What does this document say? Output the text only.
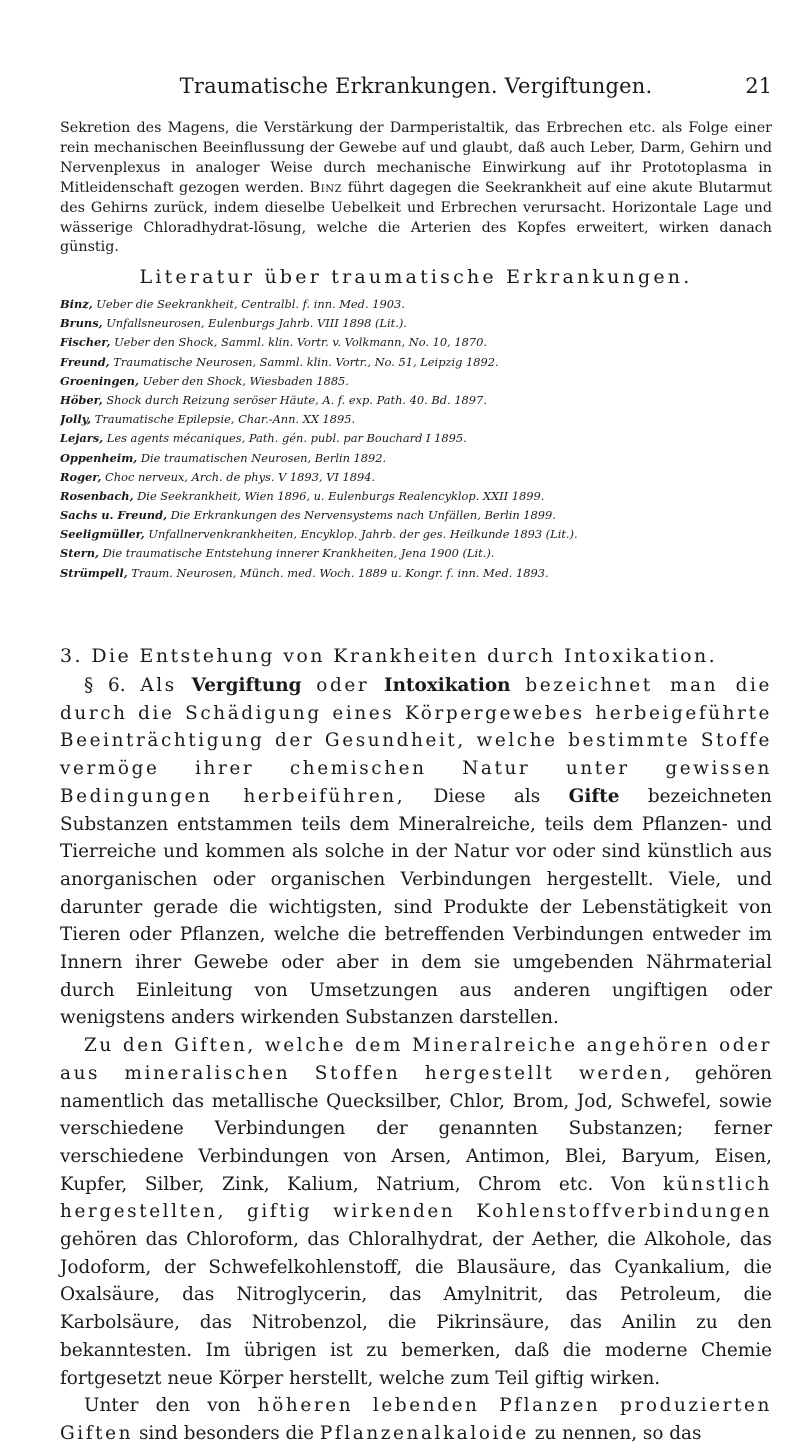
Traumatische Erkrankungen. Vergiftungen.	21
Sekretion des Magens, die Verstärkung der Darmperistaltik, das Erbrechen etc. als Folge einer rein mechanischen Beeinflussung der Gewebe auf und glaubt, daß auch Leber, Darm, Gehirn und Nervenplexus in analoger Weise durch mechanische Einwirkung auf ihr Prototoplasma in Mitleidenschaft gezogen werden. Binz führt dagegen die Seekrankheit auf eine akute Blutarmut des Gehirns zurück, indem dieselbe Uebelkeit und Erbrechen verursacht. Horizontale Lage und wässerige Chloradhydrat-lösung, welche die Arterien des Kopfes erweitert, wirken danach günstig.
Literatur über traumatische Erkrankungen.
Binz, Ueber die Seekrankheit, Centralbl. f. inn. Med. 1903.
Bruns, Unfallsneurosen, Eulenburgs Jahrb. VIII 1898 (Lit.).
Fischer, Ueber den Shock, Samml. klin. Vortr. v. Volkmann, No. 10, 1870.
Freund, Traumatische Neurosen, Samml. klin. Vortr., No. 51, Leipzig 1892.
Groeningen, Ueber den Shock, Wiesbaden 1885.
Höber, Shock durch Reizung seröser Häute, A. f. exp. Path. 40. Bd. 1897.
Jolly, Traumatische Epilepsie, Char.-Ann. XX 1895.
Lejars, Les agents mécaniques, Path. gén. publ. par Bouchard I 1895.
Oppenheim, Die traumatischen Neurosen, Berlin 1892.
Roger, Choc nerveux, Arch. de phys. V 1893, VI 1894.
Rosenbach, Die Seekrankheit, Wien 1896, u. Eulenburgs Realencyklop. XXII 1899.
Sachs u. Freund, Die Erkrankungen des Nervensystems nach Unfällen, Berlin 1899.
Seeligmüller, Unfallnervenkrankheiten, Encyklop. Jahrb. der ges. Heilkunde 1893 (Lit.).
Stern, Die traumatische Entstehung innerer Krankheiten, Jena 1900 (Lit.).
Strümpell, Traum. Neurosen, Münch. med. Woch. 1889 u. Kongr. f. inn. Med. 1893.
3. Die Entstehung von Krankheiten durch Intoxikation.

§ 6. Als Vergiftung oder Intoxikation bezeichnet man die durch die Schädigung eines Körpergewebes herbeigeführte Beeinträchtigung der Gesundheit, welche bestimmte Stoffe vermöge ihrer chemischen Natur unter gewissen Bedingungen herbeiführen, Diese als Gifte bezeichneten Substanzen entstammen teils dem Mineralreiche, teils dem Pflanzen- und Tierreiche und kommen als solche in der Natur vor oder sind künstlich aus anorganischen oder organischen Verbindungen hergestellt. Viele, und darunter gerade die wichtigsten, sind Produkte der Lebenstätigkeit von Tieren oder Pflanzen, welche die betreffenden Verbindungen entweder im Innern ihrer Gewebe oder aber in dem sie umgebenden Nährmaterial durch Einleitung von Umsetzungen aus anderen ungiftigen oder wenigstens anders wirkenden Substanzen darstellen.

Zu den Giften, welche dem Mineralreiche angehören oder aus mineralischen Stoffen hergestellt werden, gehören namentlich das metallische Quecksilber, Chlor, Brom, Jod, Schwefel, sowie verschiedene Verbindungen der genannten Substanzen; ferner verschiedene Verbindungen von Arsen, Antimon, Blei, Baryum, Eisen, Kupfer, Silber, Zink, Kalium, Natrium, Chrom etc. Von künstlich hergestellten, giftig wirkenden Kohlenstoffverbindungen gehören das Chloroform, das Chloralhydrat, der Aether, die Alkohole, das Jodoform, der Schwefelkohlenstoff, die Blausäure, das Cyankalium, die Oxalsäure, das Nitroglycerin, das Amylnitrit, das Petroleum, die Karbolsäure, das Nitrobenzol, die Pikrinsäure, das Anilin zu den bekanntesten. Im übrigen ist zu bemerken, daß die moderne Chemie fortgesetzt neue Körper herstellt, welche zum Teil giftig wirken.

Unter den von höheren lebenden Pflanzen produzierten Giften sind besonders die Pflanzenalkaloide zu nennen, so das
